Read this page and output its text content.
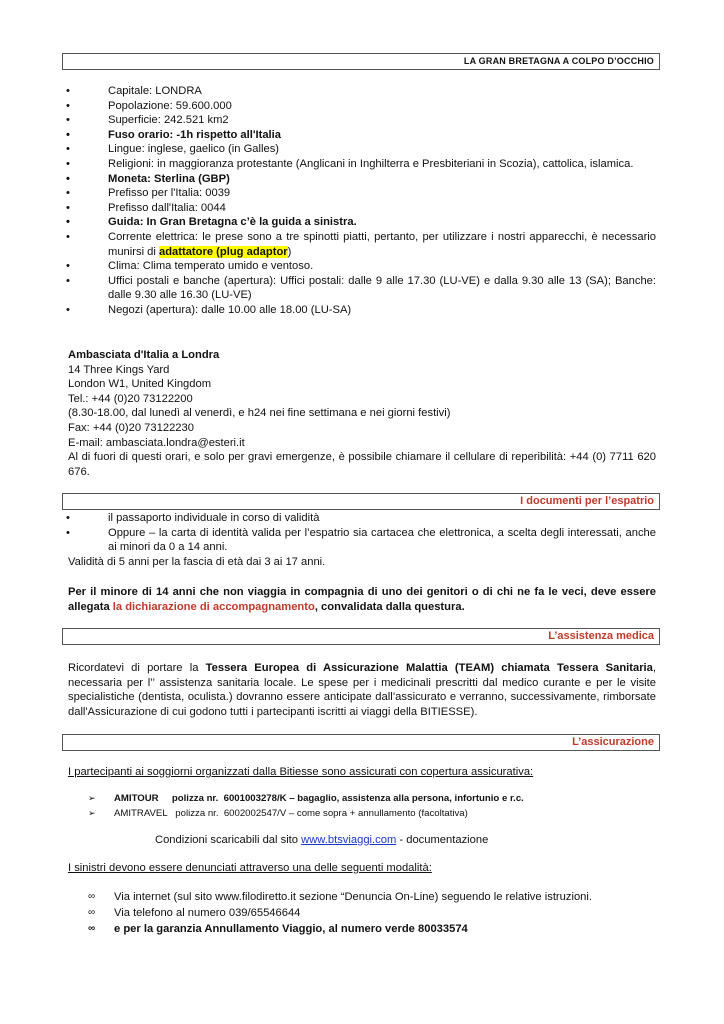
LA GRAN BRETAGNA A COLPO D’OCCHIO
•	Capitale: LONDRA
•	Popolazione: 59.600.000
•	Superficie: 242.521 km2
•	Fuso orario: -1h rispetto all'Italia
•	Lingue: inglese, gaelico (in Galles)
•	Religioni: in maggioranza protestante (Anglicani in Inghilterra e Presbiteriani in Scozia), cattolica, islamica.
•	Moneta: Sterlina (GBP)
•	Prefisso per l'Italia: 0039
•	Prefisso dall'Italia: 0044
•	Guida: In Gran Bretagna c’è la guida a sinistra.
•	Corrente elettrica: le prese sono a tre spinotti piatti, pertanto, per utilizzare i nostri apparecchi, è necessario munirsi di adattatore (plug adaptor)
•	Clima: Clima temperato umido e ventoso.
•	Uffici postali e banche (apertura): Uffici postali: dalle 9 alle 17.30 (LU-VE) e dalla 9.30 alle 13 (SA); Banche: dalle 9.30 alle 16.30 (LU-VE)
•	Negozi (apertura): dalle 10.00 alle 18.00 (LU-SA)
Ambasciata d'Italia a Londra
14 Three Kings Yard
London W1, United Kingdom
Tel.: +44 (0)20 73122200
(8.30-18.00, dal lunedì al venerdì, e h24 nei fine settimana e nei giorni festivi)
Fax: +44 (0)20 73122230
E-mail: ambasciata.londra@esteri.it
Al di fuori di questi orari, e solo per gravi emergenze, è possibile chiamare il cellulare di reperibilità: +44 (0) 7711 620 676.
I documenti per l’espatrio
•	il passaporto individuale in corso di validità
•	Oppure – la carta di identità valida per l’espatrio sia cartacea che elettronica, a scelta degli interessati, anche ai minori da 0 a 14 anni.
Validità di 5 anni per la fascia di età dai 3 ai 17 anni.
Per il minore di 14 anni che non viaggia in compagnia di uno dei genitori o di chi ne fa le veci, deve essere allegata la dichiarazione di accompagnamento, convalidata dalla questura.
L’assistenza medica
Ricordatevi di portare la Tessera Europea di Assicurazione Malattia (TEAM) chiamata Tessera Sanitaria, necessaria per l’’ assistenza sanitaria locale. Le spese per i medicinali prescritti dal medico curante e per le visite specialistiche (dentista, oculista.) dovranno essere anticipate dall’assicurato e verranno, successivamente, rimborsate dall'Assicurazione di cui godono tutti i partecipanti iscritti ai viaggi della BITIESSE).
L’assicurazione
I partecipanti ai soggiorni organizzati dalla Bitiesse sono assicurati con copertura assicurativa:
➢ AMITOUR     polizza nr.  6001003278/K – bagaglio, assistenza alla persona, infortunio e r.c.
➢ AMITRAVEL   polizza nr.  6002002547/V – come sopra + annullamento (facoltativa)
Condizioni scaricabili dal sito www.btsviaggi.com - documentazione
I sinistri devono essere denunciati attraverso una delle seguenti modalità:
∞ Via internet (sul sito www.filodiretto.it sezione “Denuncia On-Line) seguendo le relative istruzioni.
∞ Via telefono al numero 039/65546644
∞ e per la garanzia Annullamento Viaggio, al numero verde 80033574
